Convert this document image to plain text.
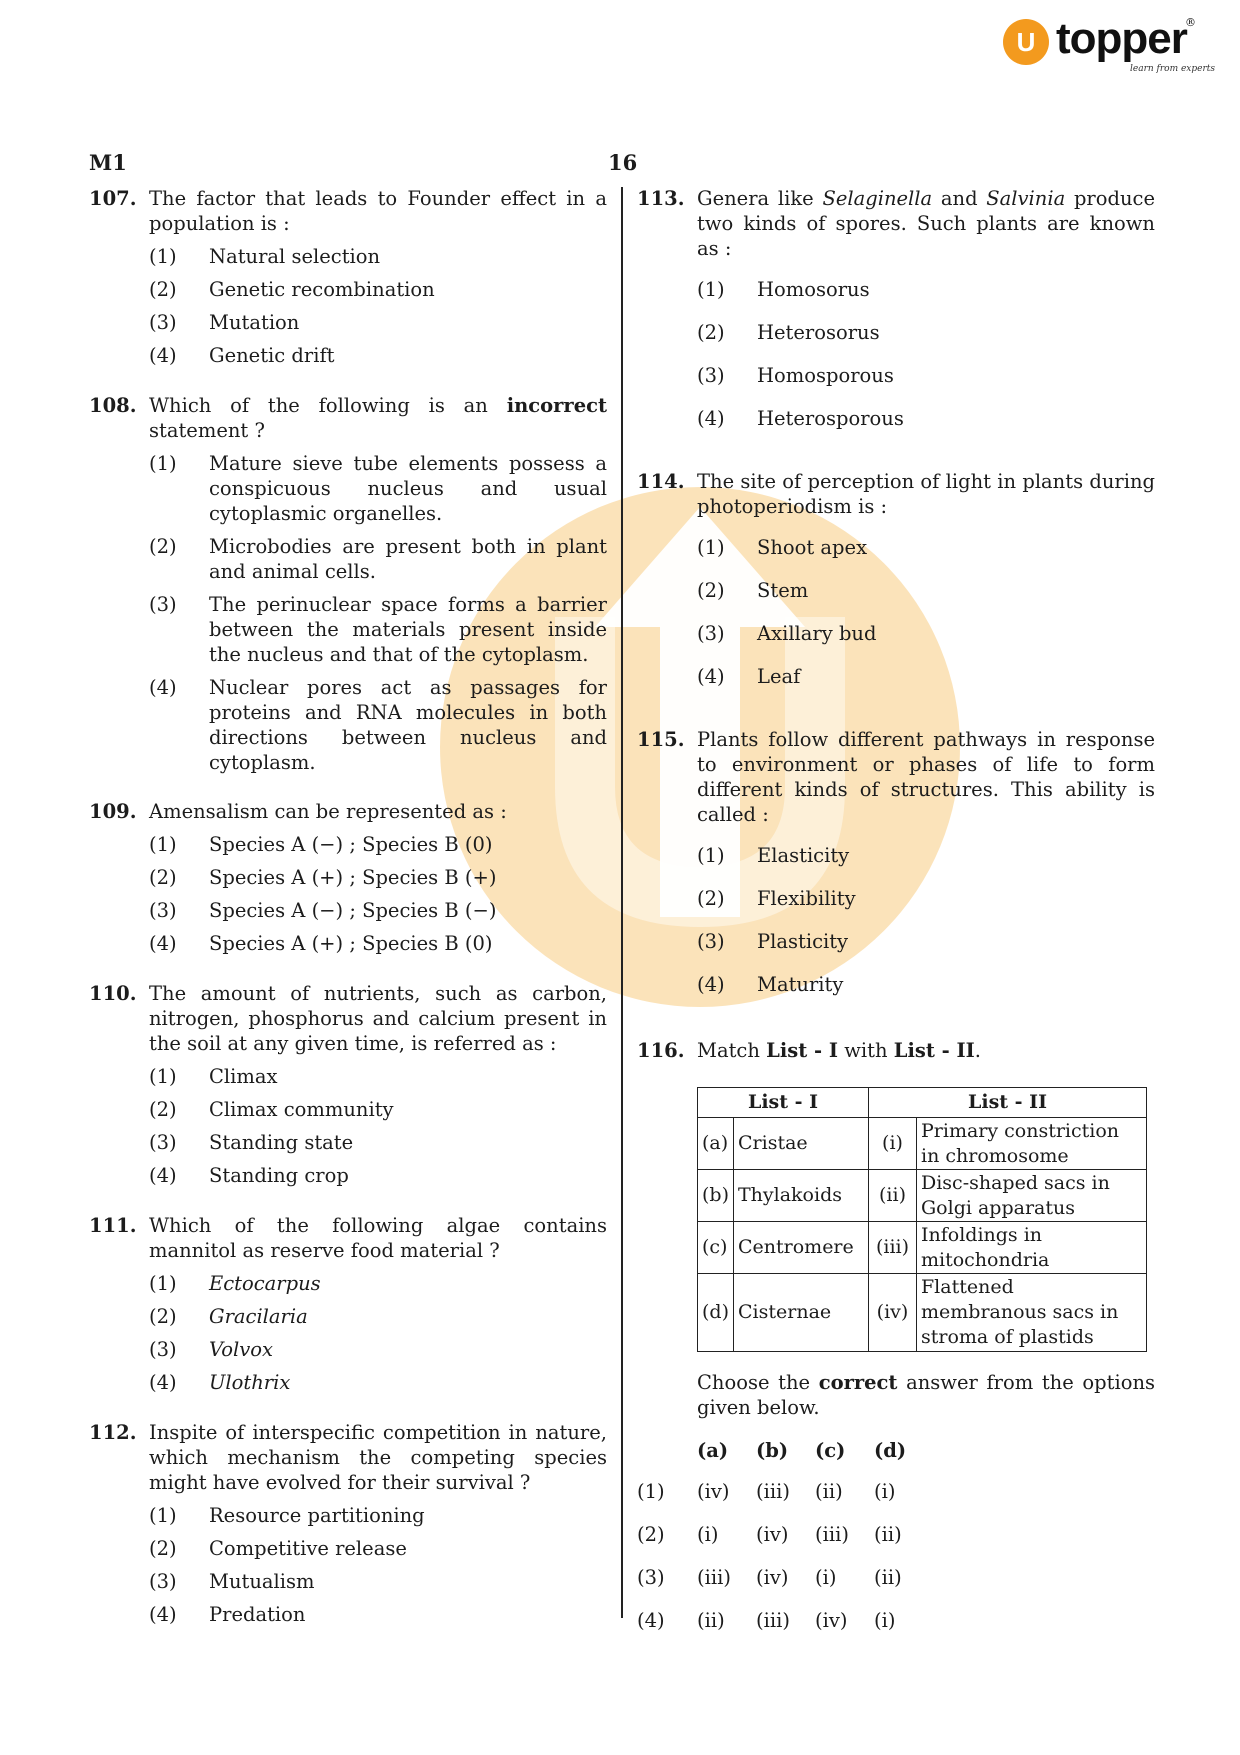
U topper
®
learn from experts
M1	16
107. The factor that leads to Founder effect in a population is :
(1) Natural selection
(2) Genetic recombination
(3) Mutation
(4) Genetic drift
108. Which of the following is an incorrect
statement ?
(1) Mature sieve tube elements possess a conspicuous nucleus and usual cytoplasmic organelles.
(2) Microbodies are present both in plant and animal cells.
(3) The perinuclear space forms a barrier between the materials present inside the nucleus and that of the cytoplasm.
(4) Nuclear pores act as passages for proteins and RNA molecules in both directions between nucleus and cytoplasm.
109. Amensalism can be represented as :
(1) Species A (−) ; Species B (0)
(2) Species A (+) ; Species B (+)
(3) Species A (−) ; Species B (−)
(4) Species A (+) ; Species B (0)
110. The amount of nutrients, such as carbon, nitrogen, phosphorus and calcium present in the soil at any given time, is referred as :
(1) Climax
(2) Climax community
(3) Standing state
(4) Standing crop
111. Which of the following algae contains mannitol as reserve food material ?
(1) Ectocarpus
(2) Gracilaria
(3) Volvox
(4) Ulothrix
112. Inspite of interspecific competition in nature, which mechanism the competing species might have evolved for their survival ?
(1) Resource partitioning
(2) Competitive release
(3) Mutualism
(4) Predation
113. Genera like Selaginella and Salvinia produce two kinds of spores. Such plants are known as :
(1) Homosorus
(2) Heterosorus
(3) Homosporous
(4) Heterosporous
114. The site of perception of light in plants during photoperiodism is :
(1) Shoot apex
(2) Stem
(3) Axillary bud
(4) Leaf
115. Plants follow different pathways in response to environment or phases of life to form different kinds of structures. This ability is called :
(1) Elasticity
(2) Flexibility
(3) Plasticity
(4) Maturity
116. Match List - I with List - II.
List - I		List - II	
(a)	Cristae	(i)	Primary constriction in chromosome
(b)	Thylakoids	(ii)	Disc-shaped sacs in Golgi apparatus
(c)	Centromere	(iii)	Infoldings in mitochondria
(d)	Cisternae	(iv)	Flattened membranous sacs in stroma of plastids
Choose the correct answer from the options given below.
	(a)	(b)	(c)	(d)
(1)	(iv)	(iii)	(ii)	(i)
(2)	(i)	(iv)	(iii)	(ii)
(3)	(iii)	(iv)	(i)	(ii)
(4)	(ii)	(iii)	(iv)	(i)
